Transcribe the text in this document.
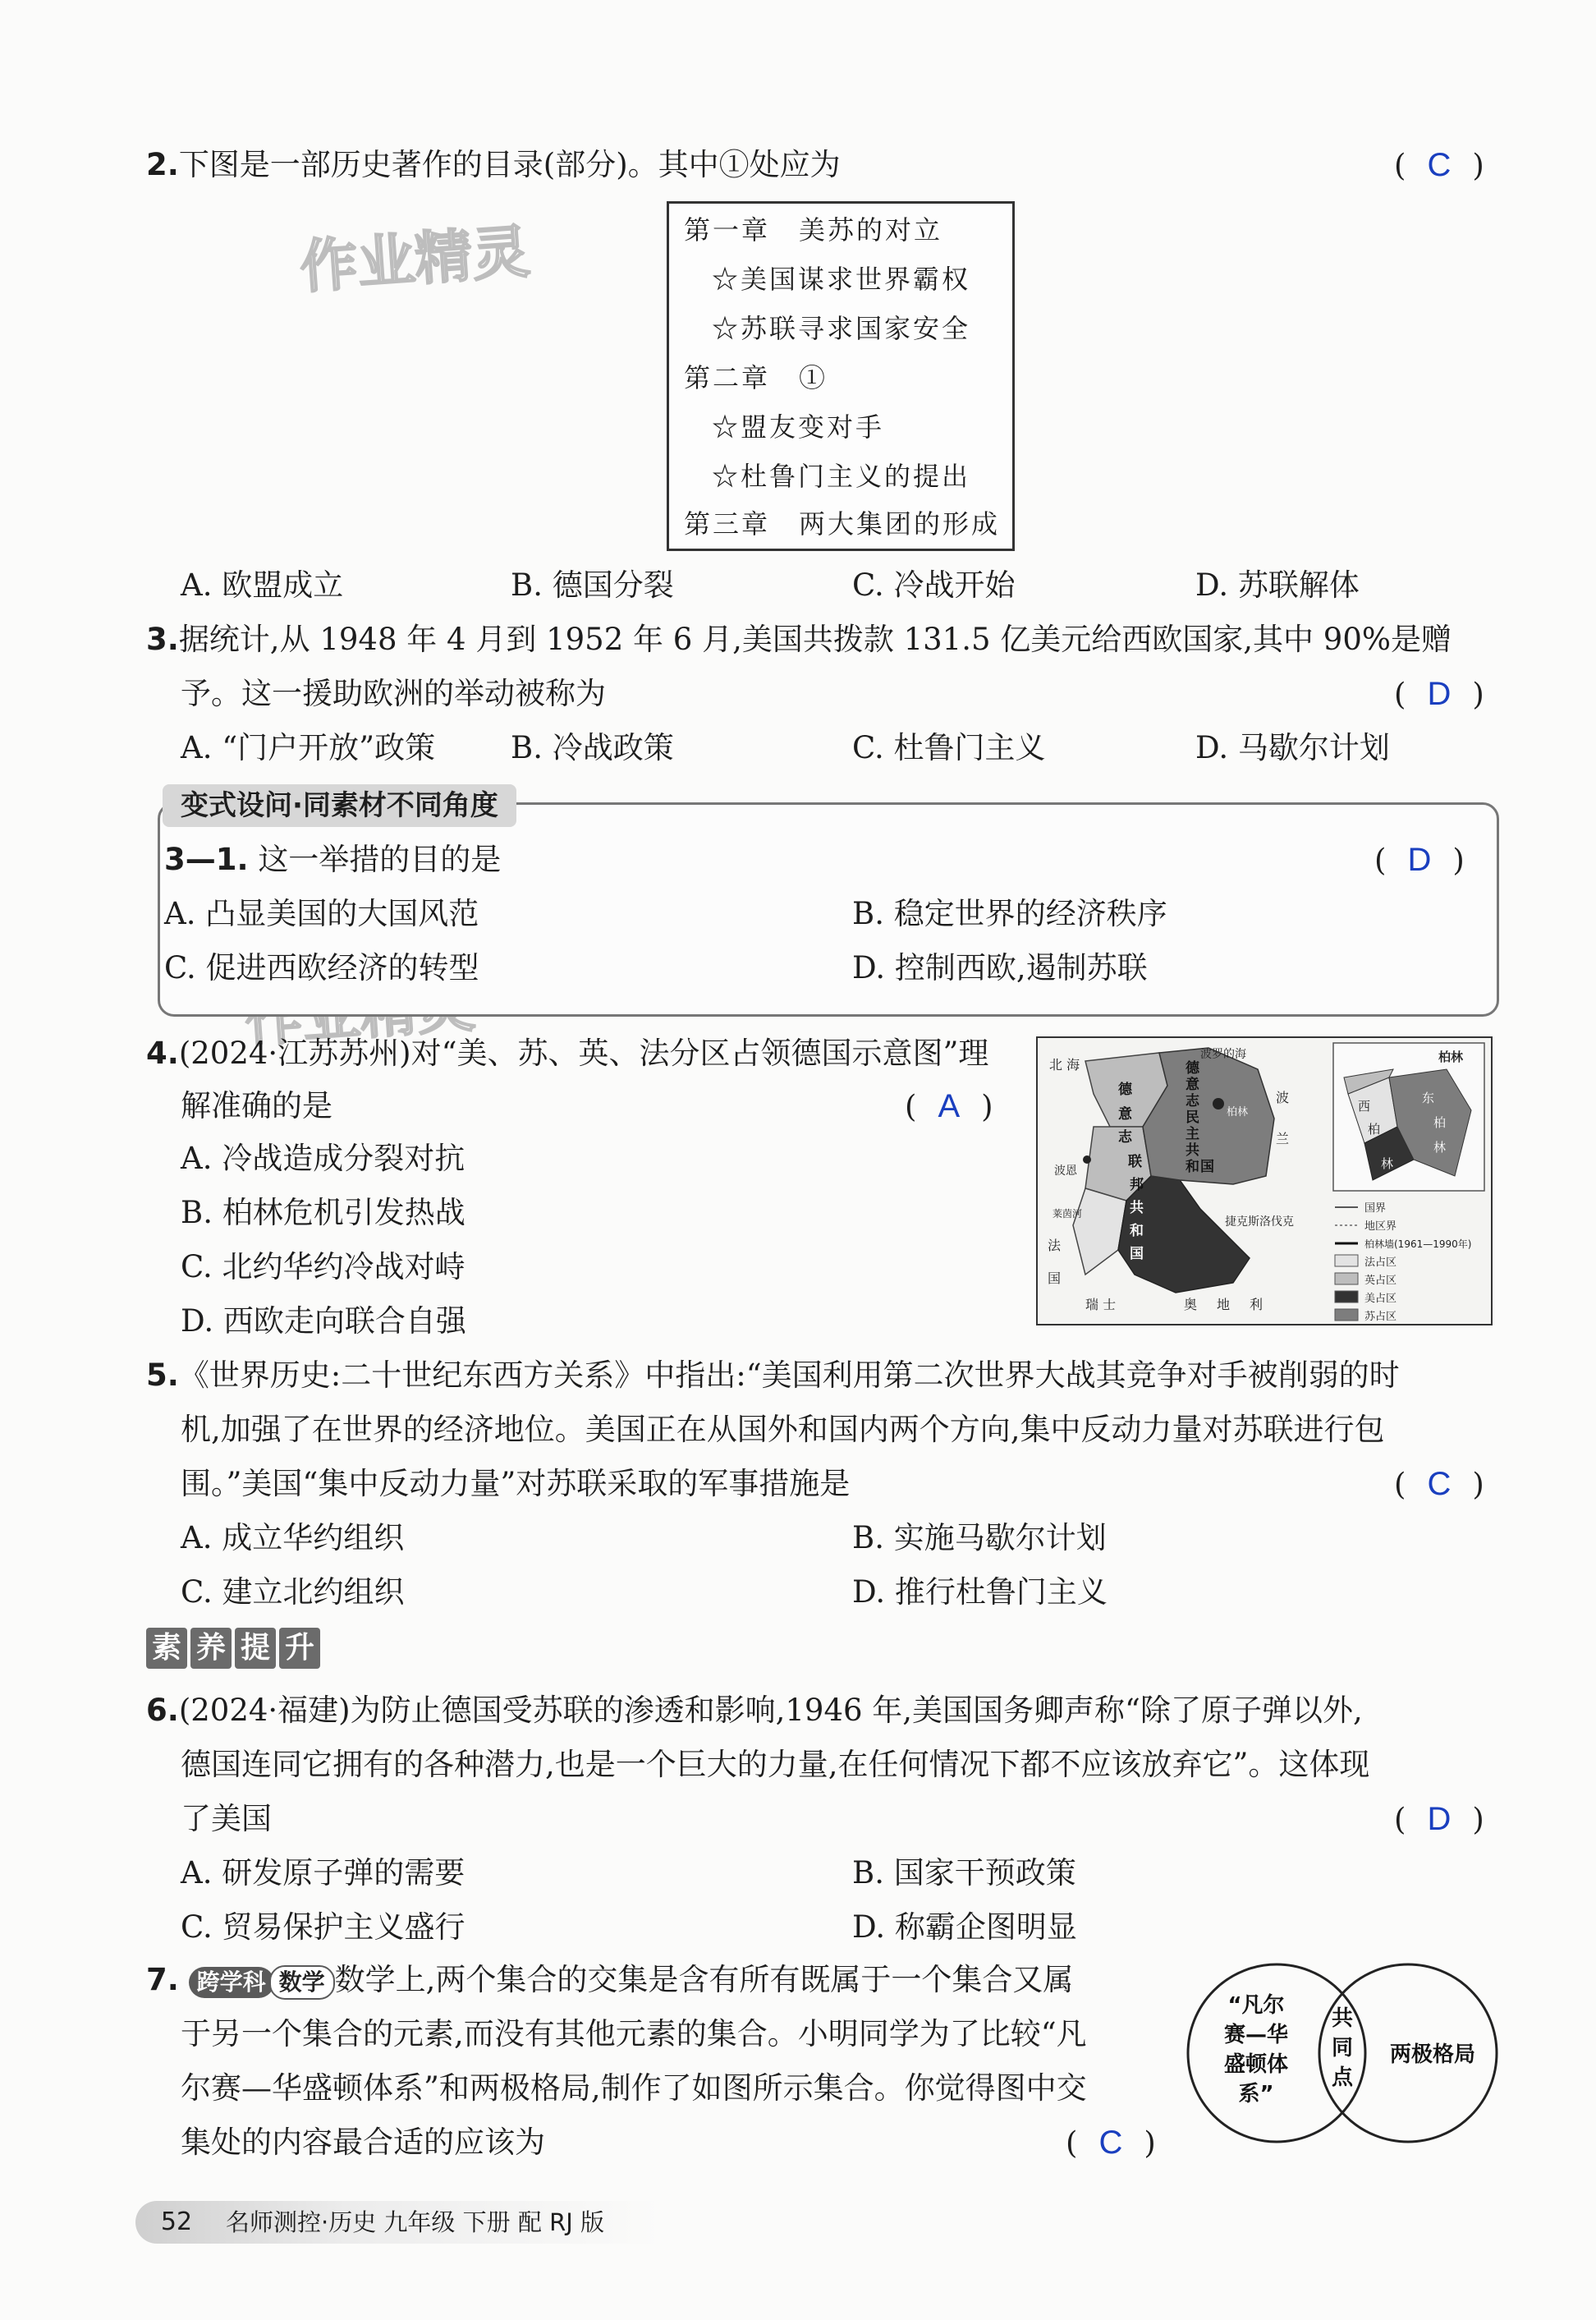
作业精灵
2.下图是一部历史著作的目录(部分)。其中①处应为	( C )
第一章　美苏的对立
☆美国谋求世界霸权
☆苏联寻求国家安全
第二章　①
☆盟友变对手
☆杜鲁门主义的提出
第三章　两大集团的形成
A. 欧盟成立	B. 德国分裂	C. 冷战开始	D. 苏联解体
3.据统计,从 1948 年 4 月到 1952 年 6 月,美国共拨款 131.5 亿美元给西欧国家,其中 90%是赠
予。这一援助欧洲的举动被称为	( D )
A. “门户开放”政策 B. 冷战政策	C. 杜鲁门主义	D. 马歇尔计划
变式设问·同素材不同角度
3—1. 这一举措的目的是	( D )
A. 凸显美国的大国风范	B. 稳定世界的经济秩序
C. 促进西欧经济的转型	D. 控制西欧,遏制苏联
4.(2024·江苏苏州)对“美、苏、英、法分区占领德国示意图”理
解准确的是	( A )
A. 冷战造成分裂对抗
B. 柏林危机引发热战
C. 北约华约冷战对峙
D. 西欧走向联合自强
北 海
波罗的海
波
兰
柏林
波恩
捷克斯洛伐克
法
国
瑞 士	奥 地 利
莱茵河
德
意
志
联
邦
共
和
国
德
意
志
民
主
共
和 国
柏林
西
柏
林
东
柏
林
国界
地区界
柏林墙(1961—1990年)
法占区
英占区
美占区
苏占区
5.《世界历史:二十世纪东西方关系》中指出:“美国利用第二次世界大战其竞争对手被削弱的时
机,加强了在世界的经济地位。美国正在从国外和国内两个方向,集中反动力量对苏联进行包
围。”美国“集中反动力量”对苏联采取的军事措施是	( C )
A. 成立华约组织	B. 实施马歇尔计划
C. 建立北约组织	D. 推行杜鲁门主义
素 养 提 升
6.(2024·福建)为防止德国受苏联的渗透和影响,1946 年,美国国务卿声称“除了原子弹以外,
德国连同它拥有的各种潜力,也是一个巨大的力量,在任何情况下都不应该放弃它”。这体现
了美国	( D )
A. 研发原子弹的需要	B. 国家干预政策
C. 贸易保护主义盛行	D. 称霸企图明显
7. 跨学科 数学 数学上,两个集合的交集是含有所有既属于一个集合又属
于另一个集合的元素,而没有其他元素的集合。小明同学为了比较“凡
尔赛—华盛顿体系”和两极格局,制作了如图所示集合。你觉得图中交
集处的内容最合适的应该为	( C )
“凡尔
赛—华
盛顿体
系”
共
同
点
两极格局
52	名师测控·历史 九年级 下册 配 RJ 版
